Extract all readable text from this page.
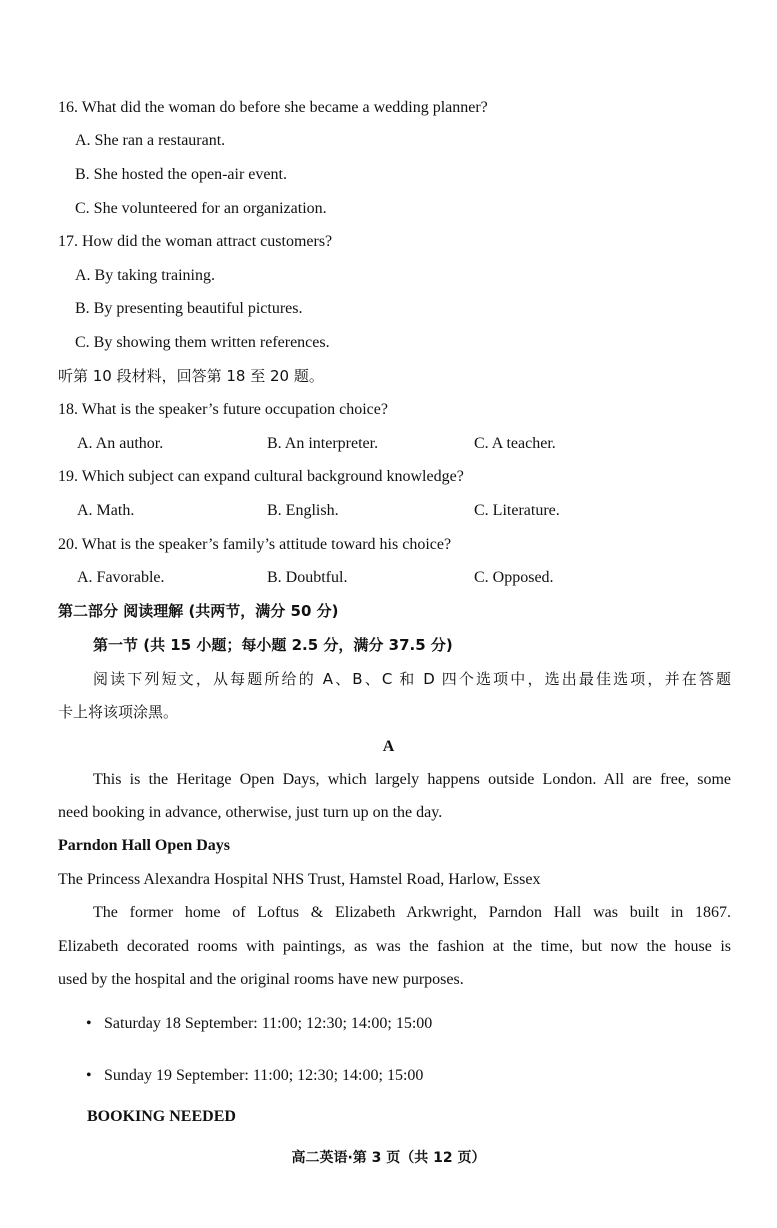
16. What did the woman do before she became a wedding planner?
A. She ran a restaurant.
B. She hosted the open-air event.
C. She volunteered for an organization.
17. How did the woman attract customers?
A. By taking training.
B. By presenting beautiful pictures.
C. By showing them written references.
听第 10 段材料，回答第 18 至 20 题。
18. What is the speaker’s future occupation choice?
A. An author.	B. An interpreter.	C. A teacher.
19. Which subject can expand cultural background knowledge?
A. Math.	B. English.	C. Literature.
20. What is the speaker’s family’s attitude toward his choice?
A. Favorable.	B. Doubtful.	C. Opposed.
第二部分 阅读理解 (共两节，满分 50 分)
第一节 (共 15 小题；每小题 2.5 分，满分 37.5 分)
阅读下列短文，从每题所给的 A、B、C 和 D 四个选项中，选出最佳选项，并在答题
卡上将该项涂黑。
A
This is the Heritage Open Days, which largely happens outside London. All are free, some
need booking in advance, otherwise, just turn up on the day.
Parndon Hall Open Days
The Princess Alexandra Hospital NHS Trust, Hamstel Road, Harlow, Essex
The former home of Loftus & Elizabeth Arkwright, Parndon Hall was built in 1867.
Elizabeth decorated rooms with paintings, as was the fashion at the time, but now the house is
used by the hospital and the original rooms have new purposes.
• Saturday 18 September: 11:00; 12:30; 14:00; 15:00
• Sunday 19 September: 11:00; 12:30; 14:00; 15:00
BOOKING NEEDED
高二英语·第 3 页（共 12 页）
